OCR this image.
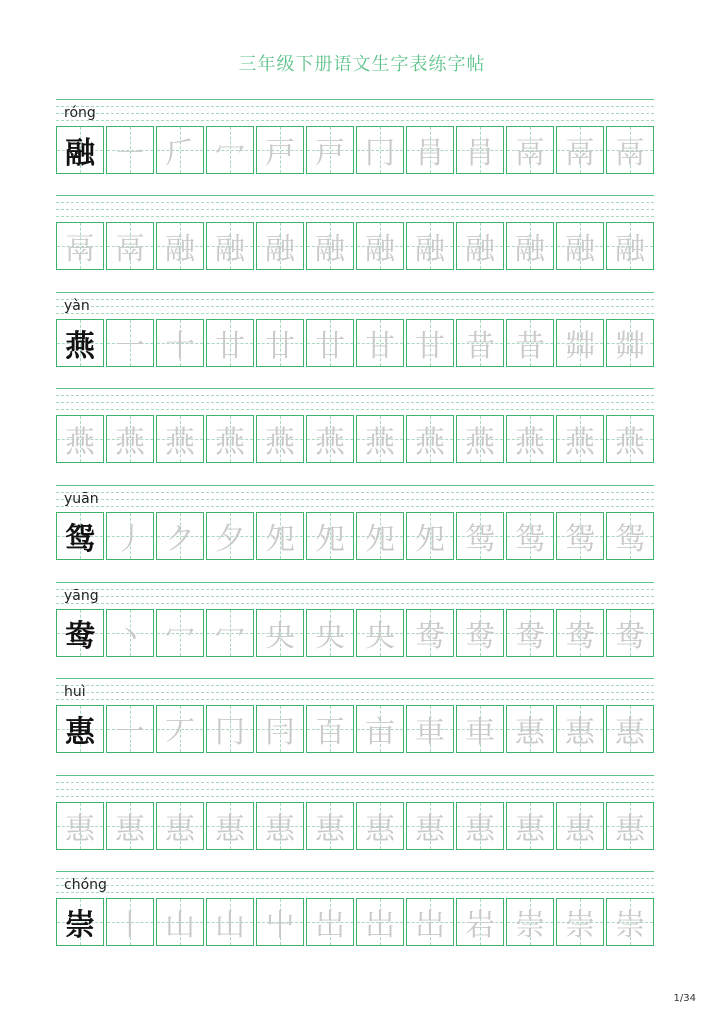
三年级下册语文生字表练字帖
róng
融 ㇐ 𠂆 冖 戸 戸 冂 肙 肙 鬲 鬲 鬲
鬲 鬲 融 融 融 融 融 融 融 融 融 融
yàn
燕 一 十 廿 廿 廿 甘 甘 昔 昔 茻 茻
燕 燕 燕 燕 燕 燕 燕 燕 燕 燕 燕 燕
yuān
鸳 丿 ク 夕 夗 夗 夗 夗 鸳 鸳 鸳 鸳
yāng
鸯 丶 冖 冖 央 央 央 鸯 鸯 鸯 鸯 鸯
huì
惠 一 丆 冂 冃 百 亩 車 車 惠 惠 惠
惠 惠 惠 惠 惠 惠 惠 惠 惠 惠 惠 惠
chóng
崇 丨 山 山 屮 岀 岀 岀 岩 崇 崇 崇
1/34
